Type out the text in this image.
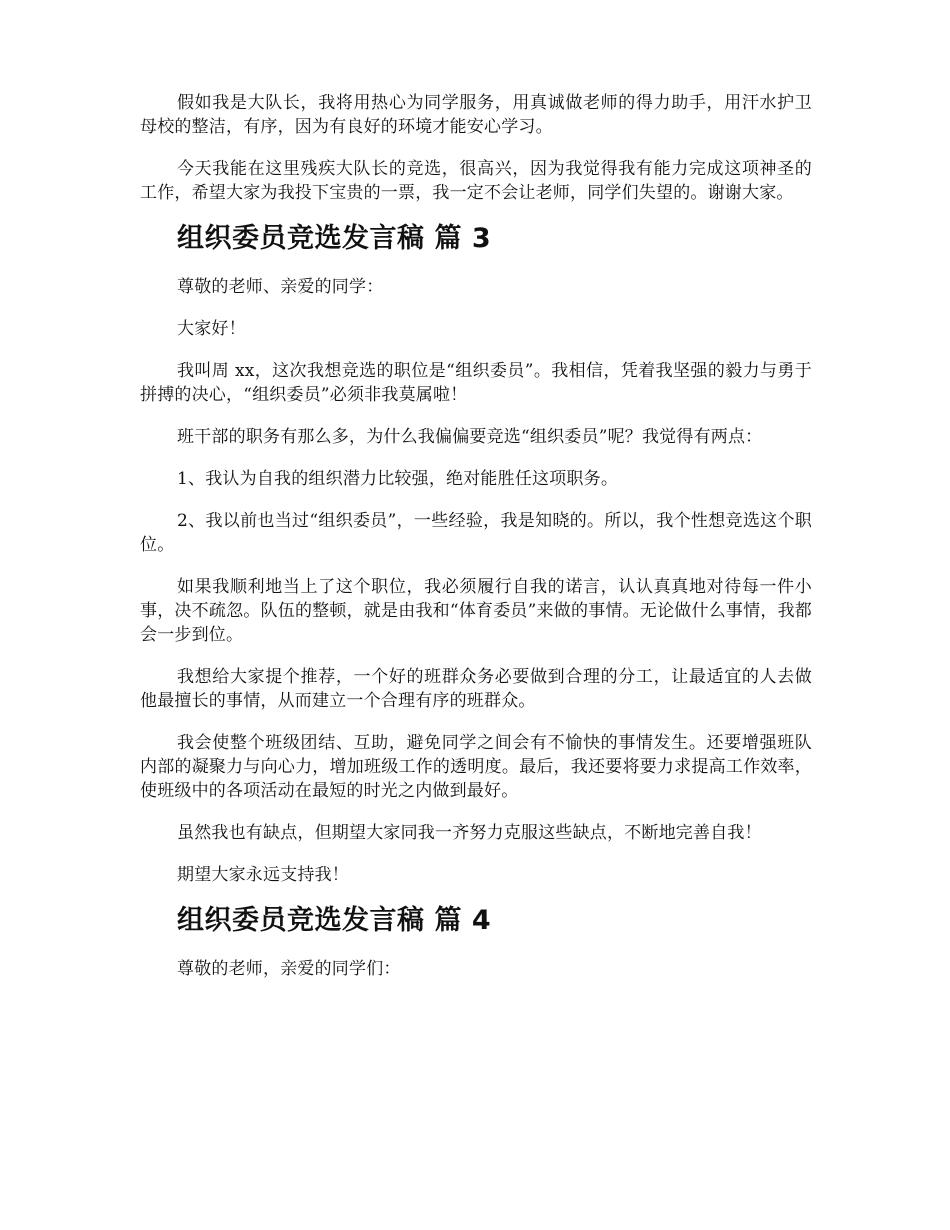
假如我是大队长，我将用热心为同学服务，用真诚做老师的得力助手，用汗水护卫母校的整洁，有序，因为有良好的环境才能安心学习。

今天我能在这里残疾大队长的竞选，很高兴，因为我觉得我有能力完成这项神圣的工作，希望大家为我投下宝贵的一票，我一定不会让老师，同学们失望的。谢谢大家。

组织委员竞选发言稿 篇 3

尊敬的老师、亲爱的同学：

大家好！

我叫周 xx，这次我想竞选的职位是“组织委员”。我相信，凭着我坚强的毅力与勇于拼搏的决心，“组织委员”必须非我莫属啦！

班干部的职务有那么多，为什么我偏偏要竞选“组织委员”呢？我觉得有两点：

1、我认为自我的组织潜力比较强，绝对能胜任这项职务。

2、我以前也当过“组织委员”，一些经验，我是知晓的。所以，我个性想竞选这个职位。

如果我顺利地当上了这个职位，我必须履行自我的诺言，认认真真地对待每一件小事，决不疏忽。队伍的整顿，就是由我和“体育委员”来做的事情。无论做什么事情，我都会一步到位。

我想给大家提个推荐，一个好的班群众务必要做到合理的分工，让最适宜的人去做他最擅长的事情，从而建立一个合理有序的班群众。

我会使整个班级团结、互助，避免同学之间会有不愉快的事情发生。还要增强班队内部的凝聚力与向心力，增加班级工作的透明度。最后，我还要将要力求提高工作效率，使班级中的各项活动在最短的时光之内做到最好。

虽然我也有缺点，但期望大家同我一齐努力克服这些缺点，不断地完善自我！

期望大家永远支持我！

组织委员竞选发言稿 篇 4

尊敬的老师，亲爱的同学们：
